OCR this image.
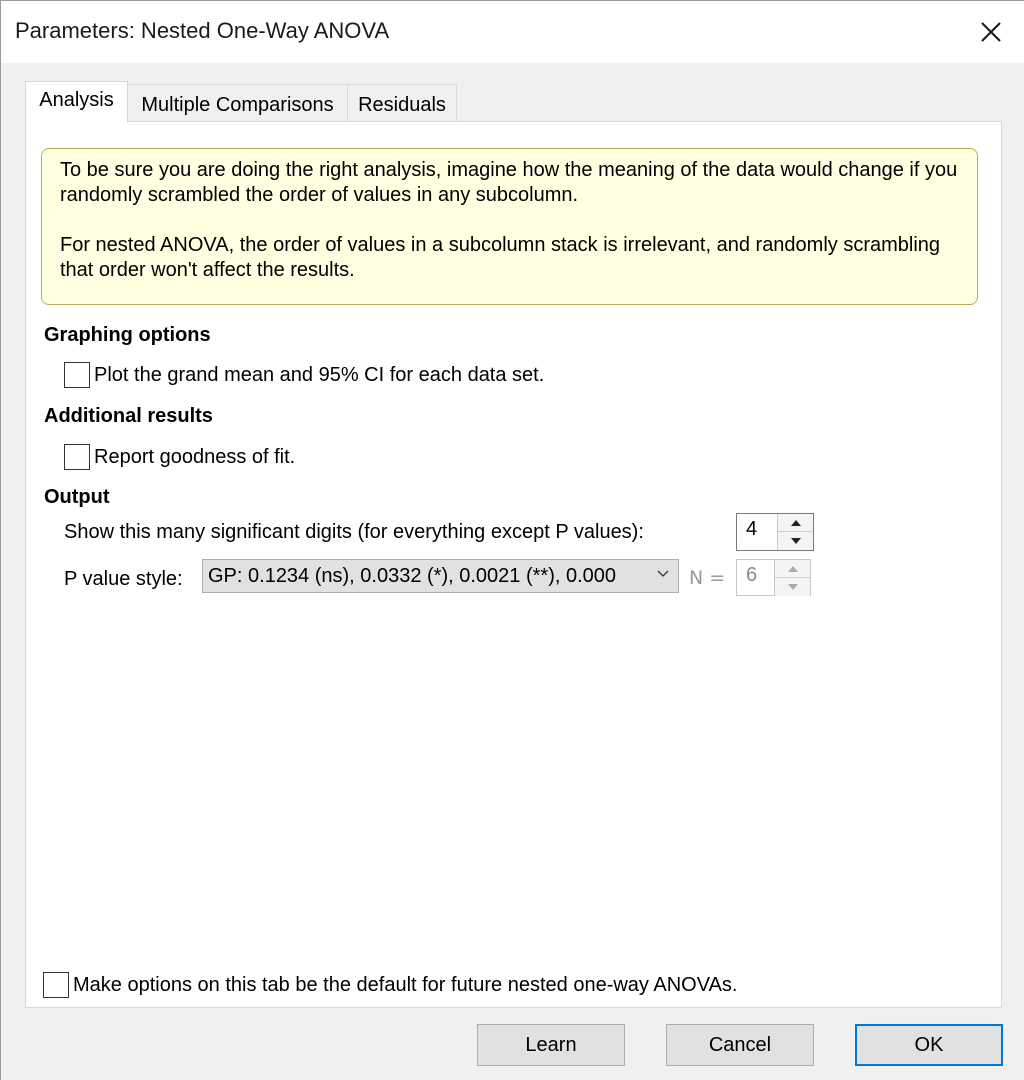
Parameters: Nested One-Way ANOVA
Analysis	Multiple Comparisons	Residuals

To be sure you are doing the right analysis, imagine how the meaning of the data would change if you randomly scrambled the order of values in any subcolumn.

For nested ANOVA, the order of values in a subcolumn stack is irrelevant, and randomly scrambling that order won't affect the results.

Graphing options
Plot the grand mean and 95% CI for each data set.
Additional results
Report goodness of fit.
Output
Show this many significant digits (for everything except P values):	4
P value style:	GP: 0.1234 (ns), 0.0332 (*), 0.0021 (**), 0.000	N = 6
Make options on this tab be the default for future nested one-way ANOVAs.
Learn	Cancel	OK
